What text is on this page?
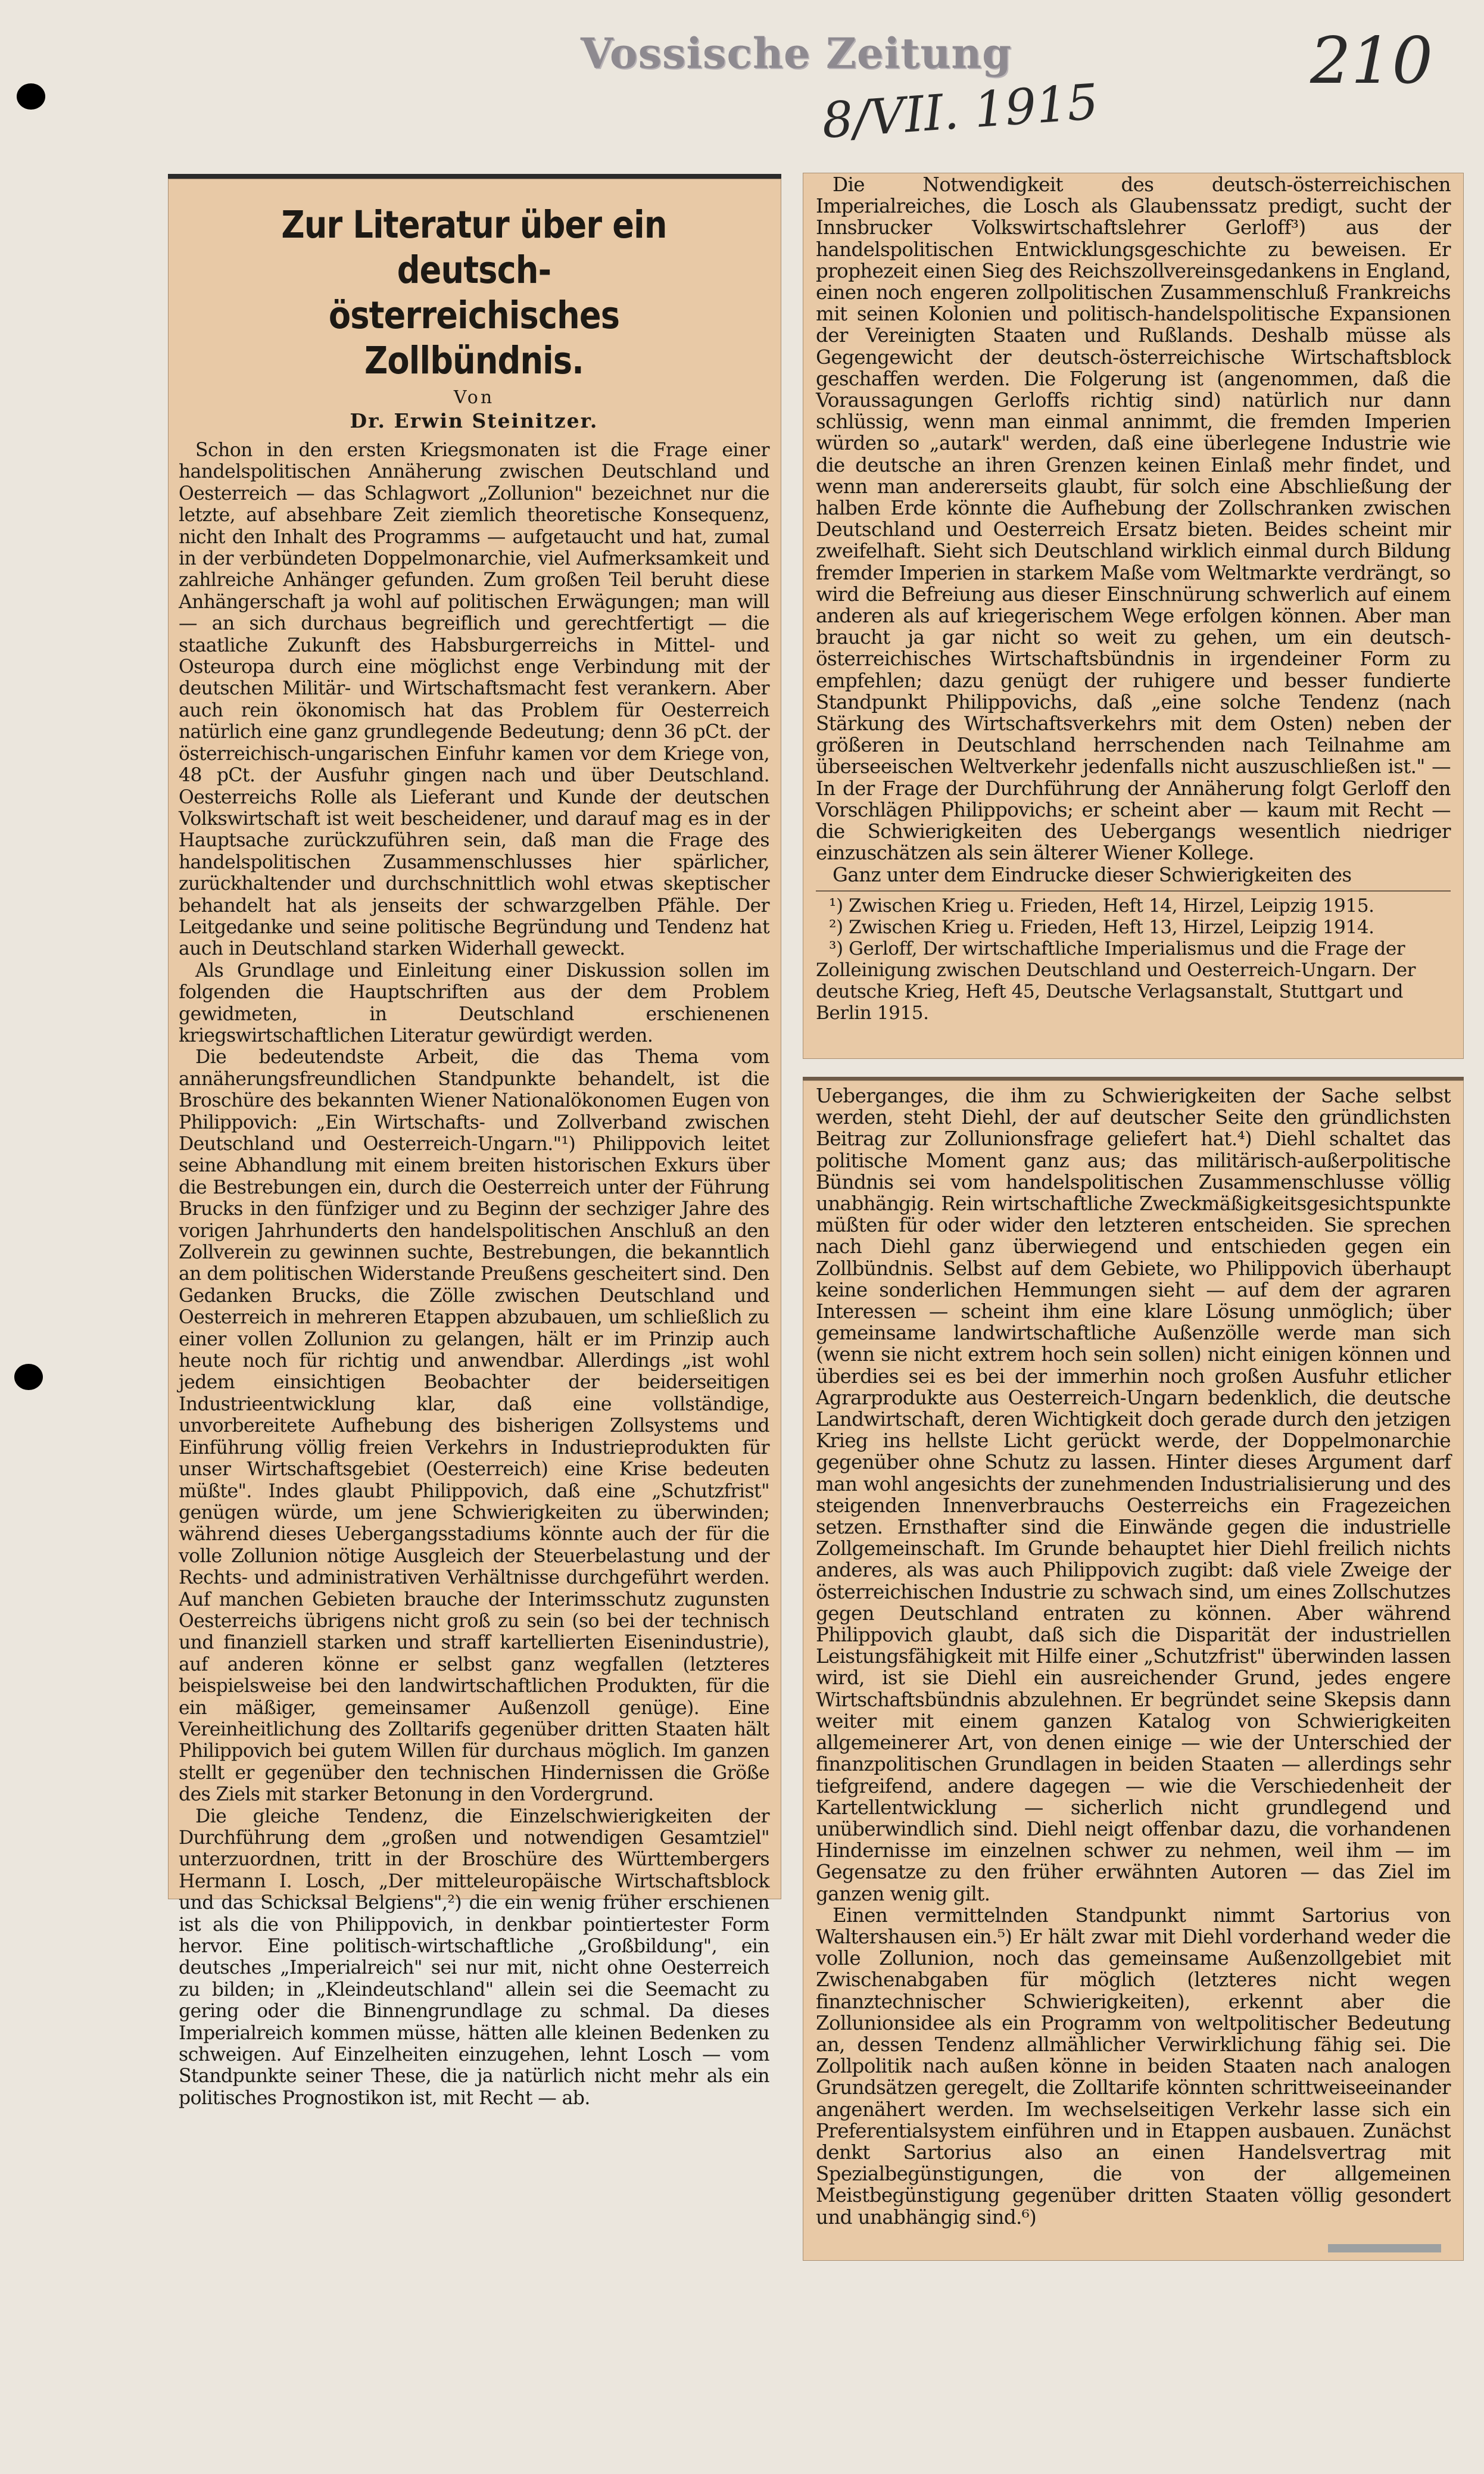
Vossische Zeitung
8/VII. 1915
210
Zur Literatur über ein deutsch-
österreichisches Zollbündnis.
Von
Dr. Erwin Steinitzer.

Schon in den ersten Kriegsmonaten ist die Frage einer handelspolitischen Annäherung zwischen Deutschland und Oesterreich — das Schlagwort „Zollunion" bezeichnet nur die letzte, auf absehbare Zeit ziemlich theoretische Konsequenz, nicht den Inhalt des Programms — aufgetaucht und hat, zumal in der verbündeten Doppelmonarchie, viel Aufmerksamkeit und zahlreiche Anhänger gefunden. Zum großen Teil beruht diese Anhängerschaft ja wohl auf politischen Erwägungen; man will — an sich durchaus begreiflich und gerechtfertigt — die staatliche Zukunft des Habsburgerreichs in Mittel- und Osteuropa durch eine möglichst enge Verbindung mit der deutschen Militär- und Wirtschaftsmacht fest verankern. Aber auch rein ökonomisch hat das Problem für Oesterreich natürlich eine ganz grundlegende Bedeutung; denn 36 pCt. der österreichisch-ungarischen Einfuhr kamen vor dem Kriege von, 48 pCt. der Ausfuhr gingen nach und über Deutschland. Oesterreichs Rolle als Lieferant und Kunde der deutschen Volkswirtschaft ist weit bescheidener, und darauf mag es in der Hauptsache zurückzuführen sein, daß man die Frage des handelspolitischen Zusammenschlusses hier spärlicher, zurückhaltender und durchschnittlich wohl etwas skeptischer behandelt hat als jenseits der schwarzgelben Pfähle. Der Leitgedanke und seine politische Begründung und Tendenz hat auch in Deutschland starken Widerhall geweckt.

Als Grundlage und Einleitung einer Diskussion sollen im folgenden die Hauptschriften aus der dem Problem gewidmeten, in Deutschland erschienenen kriegswirtschaftlichen Literatur gewürdigt werden.

Die bedeutendste Arbeit, die das Thema vom annäherungsfreundlichen Standpunkte behandelt, ist die Broschüre des bekannten Wiener Nationalökonomen Eugen von Philippovich: „Ein Wirtschafts- und Zollverband zwischen Deutschland und Oesterreich-Ungarn."¹) Philippovich leitet seine Abhandlung mit einem breiten historischen Exkurs über die Bestrebungen ein, durch die Oesterreich unter der Führung Brucks in den fünfziger und zu Beginn der sechziger Jahre des vorigen Jahrhunderts den handelspolitischen Anschluß an den Zollverein zu gewinnen suchte, Bestrebungen, die bekanntlich an dem politischen Widerstande Preußens gescheitert sind. Den Gedanken Brucks, die Zölle zwischen Deutschland und Oesterreich in mehreren Etappen abzubauen, um schließlich zu einer vollen Zollunion zu gelangen, hält er im Prinzip auch heute noch für richtig und anwendbar. Allerdings „ist wohl jedem einsichtigen Beobachter der beiderseitigen Industrieentwicklung klar, daß eine vollständige, unvorbereitete Aufhebung des bisherigen Zollsystems und Einführung völlig freien Verkehrs in Industrieprodukten für unser Wirtschaftsgebiet (Oesterreich) eine Krise bedeuten müßte". Indes glaubt Philippovich, daß eine „Schutzfrist" genügen würde, um jene Schwierigkeiten zu überwinden; während dieses Uebergangsstadiums könnte auch der für die volle Zollunion nötige Ausgleich der Steuerbelastung und der Rechts- und administrativen Verhältnisse durchgeführt werden. Auf manchen Gebieten brauche der Interimsschutz zugunsten Oesterreichs übrigens nicht groß zu sein (so bei der technisch und finanziell starken und straff kartellierten Eisenindustrie), auf anderen könne er selbst ganz wegfallen (letzteres beispielsweise bei den landwirtschaftlichen Produkten, für die ein mäßiger, gemeinsamer Außenzoll genüge). Eine Vereinheitlichung des Zolltarifs gegenüber dritten Staaten hält Philippovich bei gutem Willen für durchaus möglich. Im ganzen stellt er gegenüber den technischen Hindernissen die Größe des Ziels mit starker Betonung in den Vordergrund.

Die gleiche Tendenz, die Einzelschwierigkeiten der Durchführung dem „großen und notwendigen Gesamtziel" unterzuordnen, tritt in der Broschüre des Württembergers Hermann I. Losch, „Der mitteleuropäische Wirtschaftsblock und das Schicksal Belgiens",²) die ein wenig früher erschienen ist als die von Philippovich, in denkbar pointiertester Form hervor. Eine politisch-wirtschaftliche „Großbildung", ein deutsches „Imperialreich" sei nur mit, nicht ohne Oesterreich zu bilden; in „Kleindeutschland" allein sei die Seemacht zu gering oder die Binnengrundlage zu schmal. Da dieses Imperialreich kommen müsse, hätten alle kleinen Bedenken zu schweigen. Auf Einzelheiten einzugehen, lehnt Losch — vom Standpunkte seiner These, die ja natürlich nicht mehr als ein politisches Prognostikon ist, mit Recht — ab.

Die Notwendigkeit des deutsch-österreichischen Imperialreiches, die Losch als Glaubenssatz predigt, sucht der Innsbrucker Volkswirtschaftslehrer Gerloff³) aus der handelspolitischen Entwicklungsgeschichte zu beweisen. Er prophezeit einen Sieg des Reichszollvereinsgedankens in England, einen noch engeren zollpolitischen Zusammenschluß Frankreichs mit seinen Kolonien und politisch-handelspolitische Expansionen der Vereinigten Staaten und Rußlands. Deshalb müsse als Gegengewicht der deutsch-österreichische Wirtschaftsblock geschaffen werden. Die Folgerung ist (angenommen, daß die Voraussagungen Gerloffs richtig sind) natürlich nur dann schlüssig, wenn man einmal annimmt, die fremden Imperien würden so „autark" werden, daß eine überlegene Industrie wie die deutsche an ihren Grenzen keinen Einlaß mehr findet, und wenn man andererseits glaubt, für solch eine Abschließung der halben Erde könnte die Aufhebung der Zollschranken zwischen Deutschland und Oesterreich Ersatz bieten. Beides scheint mir zweifelhaft. Sieht sich Deutschland wirklich einmal durch Bildung fremder Imperien in starkem Maße vom Weltmarkte verdrängt, so wird die Befreiung aus dieser Einschnürung schwerlich auf einem anderen als auf kriegerischem Wege erfolgen können. Aber man braucht ja gar nicht so weit zu gehen, um ein deutsch-österreichisches Wirtschaftsbündnis in irgendeiner Form zu empfehlen; dazu genügt der ruhigere und besser fundierte Standpunkt Philippovichs, daß „eine solche Tendenz (nach Stärkung des Wirtschaftsverkehrs mit dem Osten) neben der größeren in Deutschland herrschenden nach Teilnahme am überseeischen Weltverkehr jedenfalls nicht auszuschließen ist." — In der Frage der Durchführung der Annäherung folgt Gerloff den Vorschlägen Philippovichs; er scheint aber — kaum mit Recht — die Schwierigkeiten des Uebergangs wesentlich niedriger einzuschätzen als sein älterer Wiener Kollege.

Ganz unter dem Eindrucke dieser Schwierigkeiten des

¹) Zwischen Krieg u. Frieden, Heft 14, Hirzel, Leipzig 1915.

²) Zwischen Krieg u. Frieden, Heft 13, Hirzel, Leipzig 1914.

³) Gerloff, Der wirtschaftliche Imperialismus und die Frage der Zolleinigung zwischen Deutschland und Oesterreich-Ungarn. Der deutsche Krieg, Heft 45, Deutsche Verlagsanstalt, Stuttgart und Berlin 1915.

Ueberganges, die ihm zu Schwierigkeiten der Sache selbst werden, steht Diehl, der auf deutscher Seite den gründlichsten Beitrag zur Zollunionsfrage geliefert hat.⁴) Diehl schaltet das politische Moment ganz aus; das militärisch-außerpolitische Bündnis sei vom handelspolitischen Zusammenschlusse völlig unabhängig. Rein wirtschaftliche Zweckmäßigkeitsgesichtspunkte müßten für oder wider den letzteren entscheiden. Sie sprechen nach Diehl ganz überwiegend und entschieden gegen ein Zollbündnis. Selbst auf dem Gebiete, wo Philippovich überhaupt keine sonderlichen Hemmungen sieht — auf dem der agraren Interessen — scheint ihm eine klare Lösung unmöglich; über gemeinsame landwirtschaftliche Außenzölle werde man sich (wenn sie nicht extrem hoch sein sollen) nicht einigen können und überdies sei es bei der immerhin noch großen Ausfuhr etlicher Agrarprodukte aus Oesterreich-Ungarn bedenklich, die deutsche Landwirtschaft, deren Wichtigkeit doch gerade durch den jetzigen Krieg ins hellste Licht gerückt werde, der Doppelmonarchie gegenüber ohne Schutz zu lassen. Hinter dieses Argument darf man wohl angesichts der zunehmenden Industrialisierung und des steigenden Innenverbrauchs Oesterreichs ein Fragezeichen setzen. Ernsthafter sind die Einwände gegen die industrielle Zollgemeinschaft. Im Grunde behauptet hier Diehl freilich nichts anderes, als was auch Philippovich zugibt: daß viele Zweige der österreichischen Industrie zu schwach sind, um eines Zollschutzes gegen Deutschland entraten zu können. Aber während Philippovich glaubt, daß sich die Disparität der industriellen Leistungsfähigkeit mit Hilfe einer „Schutzfrist" überwinden lassen wird, ist sie Diehl ein ausreichender Grund, jedes engere Wirtschaftsbündnis abzulehnen. Er begründet seine Skepsis dann weiter mit einem ganzen Katalog von Schwierigkeiten allgemeinerer Art, von denen einige — wie der Unterschied der finanzpolitischen Grundlagen in beiden Staaten — allerdings sehr tiefgreifend, andere dagegen — wie die Verschiedenheit der Kartellentwicklung — sicherlich nicht grundlegend und unüberwindlich sind. Diehl neigt offenbar dazu, die vorhandenen Hindernisse im einzelnen schwer zu nehmen, weil ihm — im Gegensatze zu den früher erwähnten Autoren — das Ziel im ganzen wenig gilt.

Einen vermittelnden Standpunkt nimmt Sartorius von Waltershausen ein.⁵) Er hält zwar mit Diehl vorderhand weder die volle Zollunion, noch das gemeinsame Außenzollgebiet mit Zwischenabgaben für möglich (letzteres nicht wegen finanztechnischer Schwierigkeiten), erkennt aber die Zollunionsidee als ein Programm von weltpolitischer Bedeutung an, dessen Tendenz allmählicher Verwirklichung fähig sei. Die Zollpolitik nach außen könne in beiden Staaten nach analogen Grundsätzen geregelt, die Zolltarife könnten schrittweiseeinander angenähert werden. Im wechselseitigen Verkehr lasse sich ein Preferentialsystem einführen und in Etappen ausbauen. Zunächst denkt Sartorius also an einen Handelsvertrag mit Spezialbegünstigungen, die von der allgemeinen Meistbegünstigung gegenüber dritten Staaten völlig gesondert und unabhängig sind.⁶)
